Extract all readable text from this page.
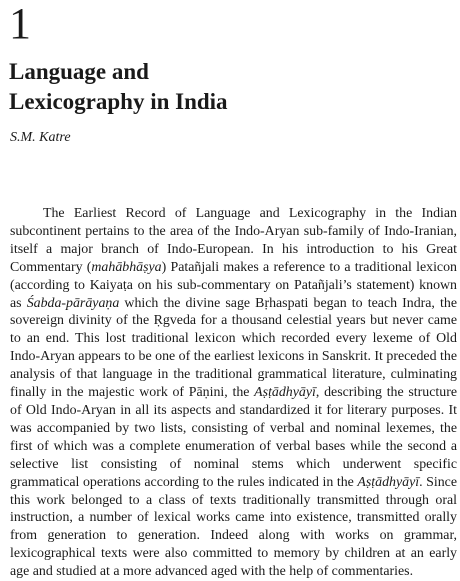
1
Language and
Lexicography in India
S.M. Katre

The Earliest Record of Language and Lexicography in the Indian subcontinent pertains to the area of the Indo-Aryan sub-family of Indo-Iranian, itself a major branch of Indo-European. In his introduction to his Great Commentary (mahābhāṣya) Patañjali makes a reference to a traditional lexicon (according to Kaiyaṭa on his sub-commentary on Patañjali’s statement) known as Śabda-pārāyaṇa which the divine sage Bṛhaspati began to teach Indra, the sovereign divinity of the Ṛgveda for a thousand celestial years but never came to an end. This lost traditional lexicon which recorded every lexeme of Old Indo-Aryan appears to be one of the earliest lexicons in Sanskrit. It preceded the analysis of that language in the traditional grammatical literature, culminating finally in the majestic work of Pāṇini, the Aṣṭādhyāyī, describing the structure of Old Indo-Aryan in all its aspects and standardized it for literary purposes. It was accompanied by two lists, consisting of verbal and nominal lexemes, the first of which was a complete enumeration of verbal bases while the second a selective list consisting of nominal stems which underwent specific grammatical operations according to the rules indicated in the Aṣṭādhyāyī. Since this work belonged to a class of texts traditionally transmitted through oral instruction, a number of lexical works came into existence, transmitted orally from generation to generation. Indeed along with works on grammar, lexicographical texts were also committed to memory by children at an early age and studied at a more advanced aged with the help of commentaries.
